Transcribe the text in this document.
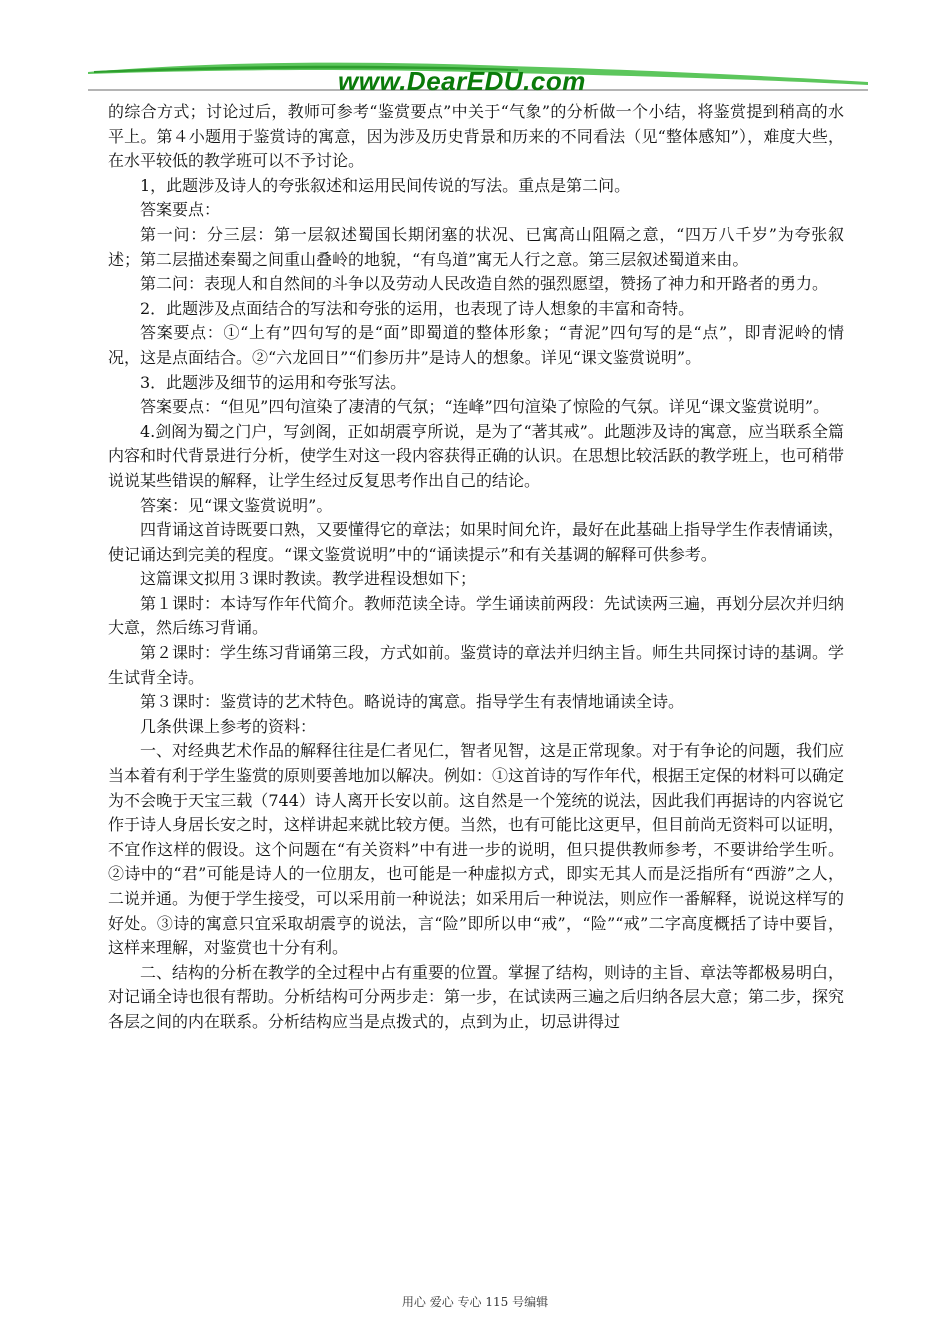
www.DearEDU.com

的综合方式；讨论过后，教师可参考“鉴赏要点”中关于“气象”的分析做一个小结，将鉴赏提到稍高的水平上。第４小题用于鉴赏诗的寓意，因为涉及历史背景和历来的不同看法（见“整体感知”），难度大些，在水平较低的教学班可以不予讨论。

1，此题涉及诗人的夸张叙述和运用民间传说的写法。重点是第二问。

答案要点：

第一问：分三层：第一层叙述蜀国长期闭塞的状况、已寓高山阻隔之意，“四万八千岁”为夸张叙述；第二层描述秦蜀之间重山叠岭的地貌，“有鸟道”寓无人行之意。第三层叙述蜀道来由。

第二问：表现人和自然间的斗争以及劳动人民改造自然的强烈愿望，赞扬了神力和开路者的勇力。

2．此题涉及点面结合的写法和夸张的运用，也表现了诗人想象的丰富和奇特。

答案要点：①“上有”四句写的是“面”即蜀道的整体形象；“青泥”四句写的是“点”，即青泥岭的情况，这是点面结合。②“六龙回日”“们参历井”是诗人的想象。详见“课文鉴赏说明”。

3．此题涉及细节的运用和夸张写法。

答案要点：“但见”四句渲染了凄清的气氛；“连峰”四句渲染了惊险的气氛。详见“课文鉴赏说明”。

4.剑阁为蜀之门户，写剑阁，正如胡震亨所说，是为了“著其戒”。此题涉及诗的寓意，应当联系全篇内容和时代背景进行分析，使学生对这一段内容获得正确的认识。在思想比较活跃的教学班上，也可稍带说说某些错误的解释，让学生经过反复思考作出自己的结论。

答案：见“课文鉴赏说明”。

四背诵这首诗既要口熟，又要懂得它的章法；如果时间允许，最好在此基础上指导学生作表情诵读，使记诵达到完美的程度。“课文鉴赏说明”中的“诵读提示”和有关基调的解释可供参考。

这篇课文拟用３课时教读。教学进程设想如下；

第１课时：本诗写作年代简介。教师范读全诗。学生诵读前两段：先试读两三遍，再划分层次并归纳大意，然后练习背诵。

第２课时：学生练习背诵第三段，方式如前。鉴赏诗的章法并归纳主旨。师生共同探讨诗的基调。学生试背全诗。

第３课时：鉴赏诗的艺术特色。略说诗的寓意。指导学生有表情地诵读全诗。

几条供课上参考的资料：

一、对经典艺术作品的解释往往是仁者见仁，智者见智，这是正常现象。对于有争论的问题，我们应当本着有利于学生鉴赏的原则要善地加以解决。例如：①这首诗的写作年代，根据王定保的材料可以确定为不会晚于天宝三载（744）诗人离开长安以前。这自然是一个笼统的说法，因此我们再据诗的内容说它作于诗人身居长安之时，这样讲起来就比较方便。当然，也有可能比这更早，但目前尚无资料可以证明，不宜作这样的假设。这个问题在“有关资料”中有进一步的说明，但只提供教师参考，不要讲给学生听。②诗中的“君”可能是诗人的一位朋友，也可能是一种虚拟方式，即实无其人而是泛指所有“西游”之人，二说并通。为便于学生接受，可以采用前一种说法；如采用后一种说法，则应作一番解释，说说这样写的好处。③诗的寓意只宜采取胡震亨的说法，言“险”即所以申“戒”，“险”“戒”二字高度概括了诗中要旨，这样来理解，对鉴赏也十分有利。

二、结构的分析在教学的全过程中占有重要的位置。掌握了结构，则诗的主旨、章法等都极易明白，对记诵全诗也很有帮助。分析结构可分两步走：第一步，在试读两三遍之后归纳各层大意；第二步，探究各层之间的内在联系。分析结构应当是点拨式的，点到为止，切忌讲得过

用心 爱心 专心 115 号编辑
